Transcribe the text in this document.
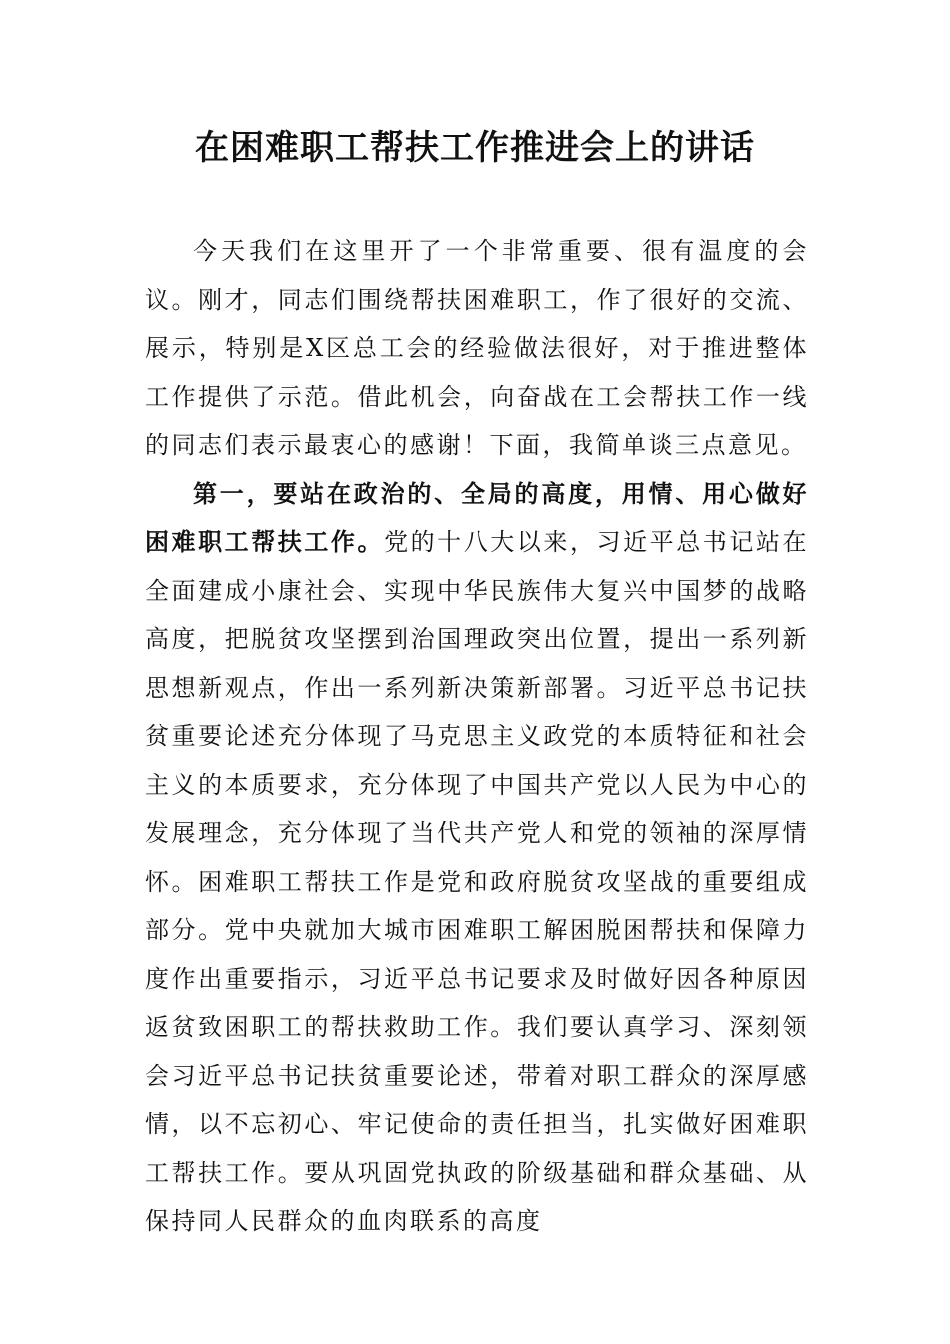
在困难职工帮扶工作推进会上的讲话

今天我们在这里开了一个非常重要、很有温度的会议。刚才，同志们围绕帮扶困难职工，作了很好的交流、展示，特别是X区总工会的经验做法很好，对于推进整体工作提供了示范。借此机会，向奋战在工会帮扶工作一线的同志们表示最衷心的感谢！下面，我简单谈三点意见。

第一，要站在政治的、全局的高度，用情、用心做好困难职工帮扶工作。党的十八大以来，习近平总书记站在全面建成小康社会、实现中华民族伟大复兴中国梦的战略高度，把脱贫攻坚摆到治国理政突出位置，提出一系列新思想新观点，作出一系列新决策新部署。习近平总书记扶贫重要论述充分体现了马克思主义政党的本质特征和社会主义的本质要求，充分体现了中国共产党以人民为中心的发展理念，充分体现了当代共产党人和党的领袖的深厚情怀。困难职工帮扶工作是党和政府脱贫攻坚战的重要组成部分。党中央就加大城市困难职工解困脱困帮扶和保障力度作出重要指示，习近平总书记要求及时做好因各种原因返贫致困职工的帮扶救助工作。我们要认真学习、深刻领会习近平总书记扶贫重要论述，带着对职工群众的深厚感情，以不忘初心、牢记使命的责任担当，扎实做好困难职工帮扶工作。要从巩固党执政的阶级基础和群众基础、从保持同人民群众的血肉联系的高度
